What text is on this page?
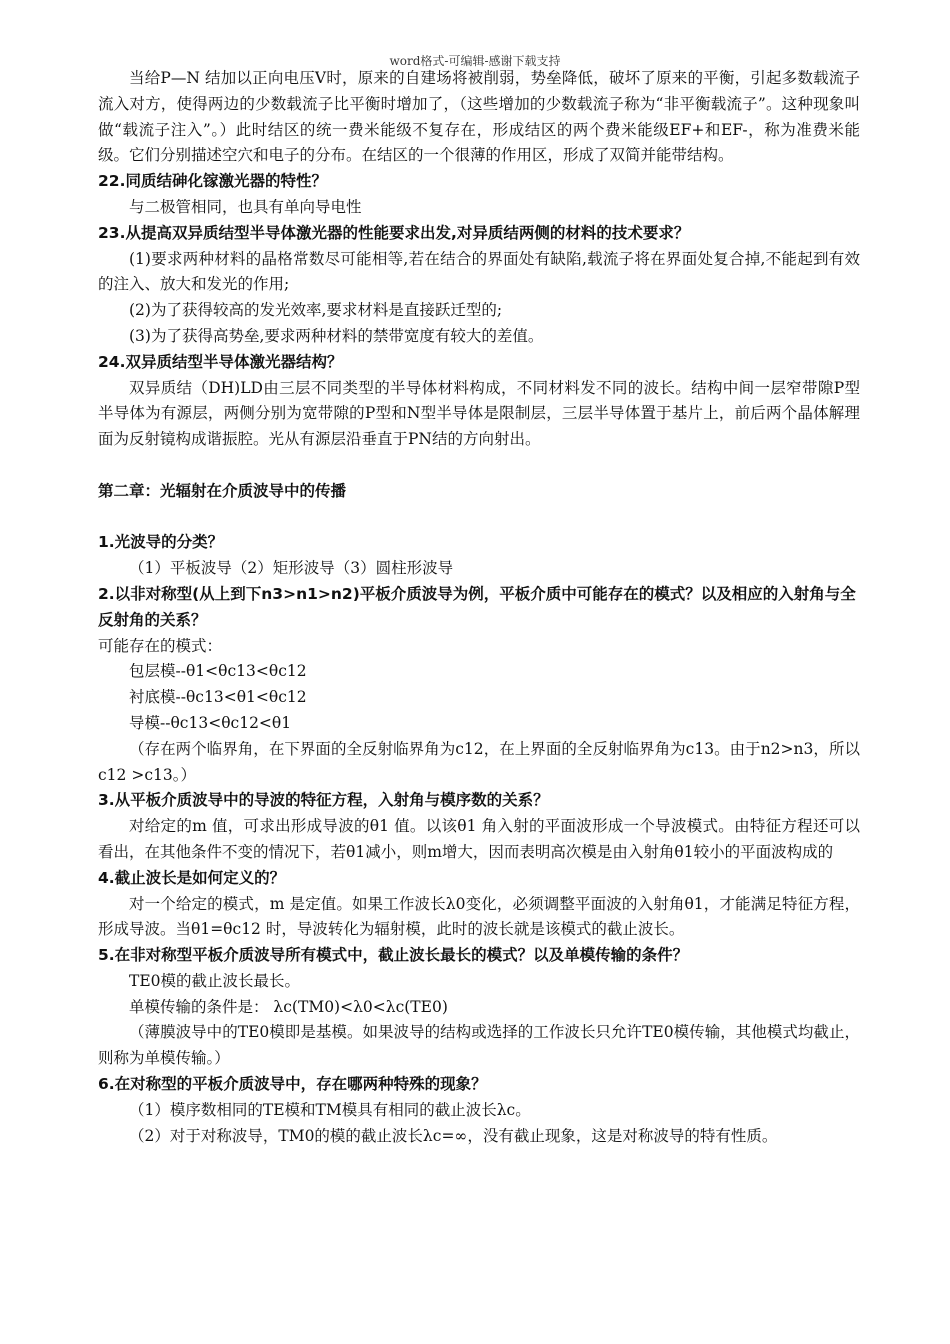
word格式-可编辑-感谢下载支持

当给P—N 结加以正向电压V时，原来的自建场将被削弱，势垒降低，破坏了原来的平衡，引起多数载流子流入对方，使得两边的少数载流子比平衡时增加了，（这些增加的少数载流子称为“非平衡载流子”。这种现象叫做“载流子注入”。）此时结区的统一费米能级不复存在，形成结区的两个费米能级EF+和EF-，称为准费米能级。它们分别描述空穴和电子的分布。在结区的一个很薄的作用区，形成了双简并能带结构。

22.同质结砷化镓激光器的特性？

与二极管相同，也具有单向导电性

23.从提高双异质结型半导体激光器的性能要求出发,对异质结两侧的材料的技术要求？

(1)要求两种材料的晶格常数尽可能相等,若在结合的界面处有缺陷,载流子将在界面处复合掉,不能起到有效的注入、放大和发光的作用;

(2)为了获得较高的发光效率,要求材料是直接跃迁型的;

(3)为了获得高势垒,要求两种材料的禁带宽度有较大的差值。

24.双异质结型半导体激光器结构？

双异质结（DH)LD由三层不同类型的半导体材料构成，不同材料发不同的波长。结构中间一层窄带隙P型半导体为有源层，两侧分别为宽带隙的P型和N型半导体是限制层，三层半导体置于基片上，前后两个晶体解理面为反射镜构成谐振腔。光从有源层沿垂直于PN结的方向射出。

第二章：光辐射在介质波导中的传播

1.光波导的分类？

（1）平板波导（2）矩形波导（3）圆柱形波导

2.以非对称型(从上到下n3>n1>n2)平板介质波导为例，平板介质中可能存在的模式？以及相应的入射角与全反射角的关系？

可能存在的模式：

包层模--θ1<θc13<θc12

衬底模--θc13<θ1<θc12

导模--θc13<θc12<θ1

（存在两个临界角，在下界面的全反射临界角为c12，在上界面的全反射临界角为c13。由于n2>n3，所以c12 >c13。）

3.从平板介质波导中的导波的特征方程，入射角与模序数的关系？

对给定的m 值，可求出形成导波的θ1 值。以该θ1 角入射的平面波形成一个导波模式。由特征方程还可以看出，在其他条件不变的情况下，若θ1减小，则m增大，因而表明高次模是由入射角θ1较小的平面波构成的

4.截止波长是如何定义的？

对一个给定的模式，m 是定值。如果工作波长λ0变化，必须调整平面波的入射角θ1，才能满足特征方程，形成导波。当θ1=θc12 时，导波转化为辐射模，此时的波长就是该模式的截止波长。

5.在非对称型平板介质波导所有模式中，截止波长最长的模式？以及单模传输的条件？

TE0模的截止波长最长。

单模传输的条件是： λc(TM0)<λ0<λc(TE0)

（薄膜波导中的TE0模即是基模。如果波导的结构或选择的工作波长只允许TE0模传输，其他模式均截止，则称为单模传输。）

6.在对称型的平板介质波导中，存在哪两种特殊的现象？

（1）模序数相同的TE模和TM模具有相同的截止波长λc。

（2）对于对称波导，TM0的模的截止波长λc=∞，没有截止现象，这是对称波导的特有性质。
